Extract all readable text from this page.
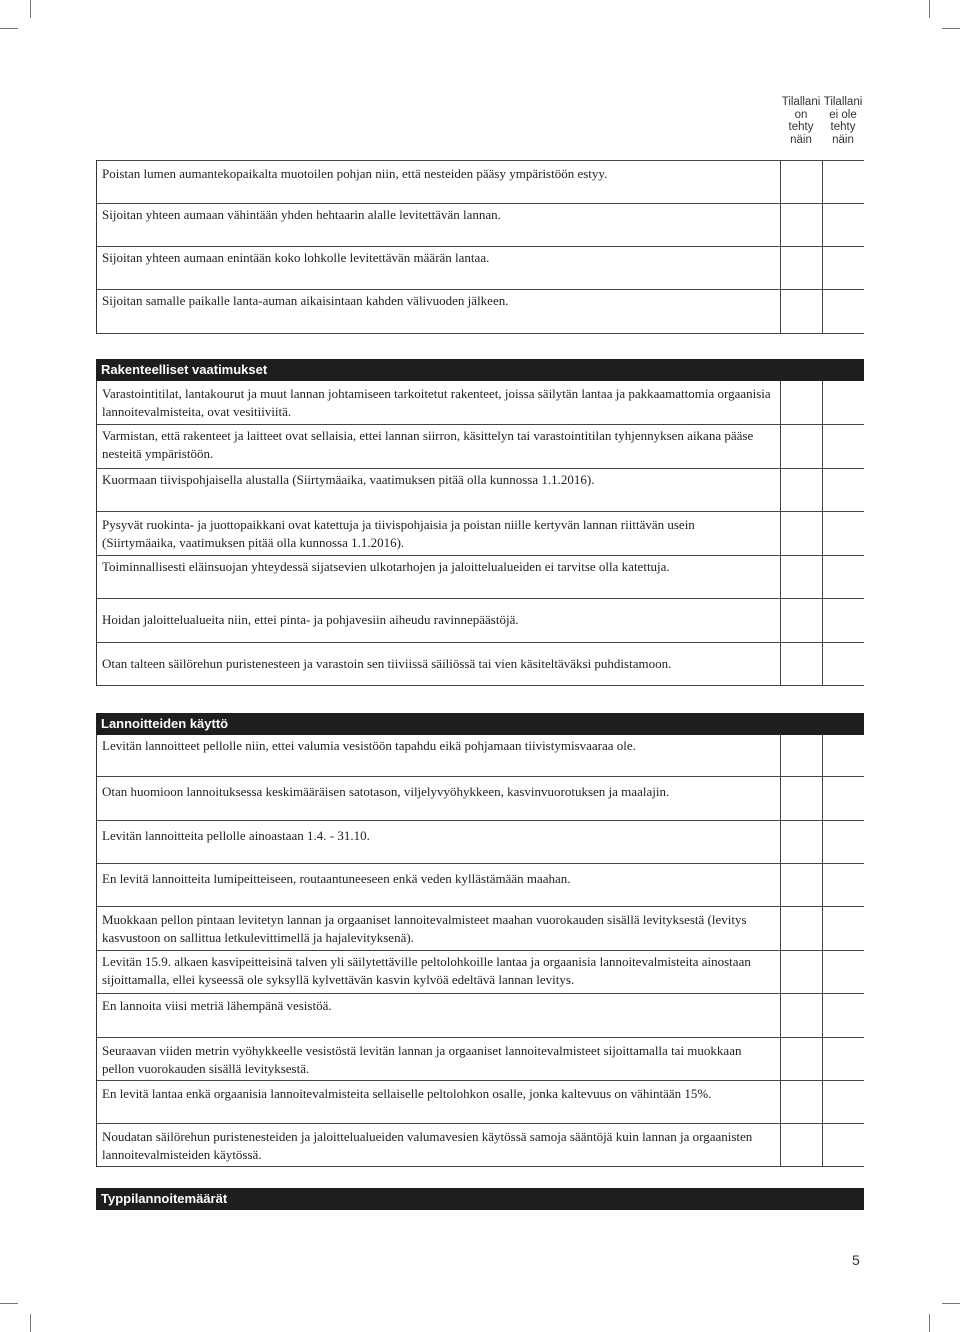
Tilallani
on
tehty
näin
Tilallani
ei ole
tehty
näin
Poistan lumen aumantekopaikalta muotoilen pohjan niin, että nesteiden pääsy ympäristöön estyy.
Sijoitan yhteen aumaan vähintään yhden hehtaarin alalle levitettävän lannan.
Sijoitan yhteen aumaan enintään koko lohkolle levitettävän määrän lantaa.
Sijoitan samalle paikalle lanta-auman aikaisintaan kahden välivuoden jälkeen.
Rakenteelliset vaatimukset
Varastointitilat, lantakourut ja muut lannan johtamiseen tarkoitetut rakenteet, joissa säilytän lantaa ja pakkaamattomia orgaanisia lannoitevalmisteita, ovat vesitiiviitä.
Varmistan, että rakenteet ja laitteet ovat sellaisia, ettei lannan siirron, käsittelyn tai varastointitilan tyhjennyksen aikana pääse nesteitä ympäristöön.
Kuormaan tiivispohjaisella alustalla (Siirtymäaika, vaatimuksen pitää olla kunnossa 1.1.2016).
Pysyvät ruokinta- ja juottopaikkani ovat katettuja ja tiivispohjaisia ja poistan niille kertyvän lannan riittävän usein (Siirtymäaika, vaatimuksen pitää olla kunnossa 1.1.2016).
Toiminnallisesti eläinsuojan yhteydessä sijatsevien ulkotarhojen ja jaloittelualueiden ei tarvitse olla katettuja.
Hoidan jaloittelualueita niin, ettei pinta- ja pohjavesiin aiheudu ravinnepäästöjä.
Otan talteen säilörehun puristenesteen ja varastoin sen tiiviissä säiliössä tai vien käsiteltäväksi puhdistamoon.
Lannoitteiden käyttö
Levitän lannoitteet pellolle niin, ettei valumia vesistöön tapahdu eikä pohjamaan tiivistymisvaaraa ole.
Otan huomioon lannoituksessa keskimääräisen satotason, viljelyvyöhykkeen, kasvinvuorotuksen ja maalajin.
Levitän lannoitteita pellolle ainoastaan 1.4. - 31.10.
En levitä lannoitteita lumipeitteiseen, routaantuneeseen enkä veden kyllästämään maahan.
Muokkaan pellon pintaan levitetyn lannan ja orgaaniset lannoitevalmisteet maahan vuorokauden sisällä levityksestä (levitys kasvustoon on sallittua letkulevittimellä ja hajalevityksenä).
Levitän 15.9. alkaen kasvipeitteisinä talven yli säilytettäville peltolohkoille lantaa ja orgaanisia lannoitevalmisteita ainostaan sijoittamalla, ellei kyseessä ole syksyllä kylvettävän kasvin kylvöä edeltävä lannan levitys.
En lannoita viisi metriä lähempänä vesistöä.
Seuraavan viiden metrin vyöhykkeelle vesistöstä levitän lannan ja orgaaniset lannoitevalmisteet sijoittamalla tai muokkaan pellon vuorokauden sisällä levityksestä.
En levitä lantaa enkä orgaanisia lannoitevalmisteita sellaiselle peltolohkon osalle, jonka kaltevuus on vähintään 15%.
Noudatan säilörehun puristenesteiden ja jaloittelualueiden valumavesien käytössä samoja sääntöjä kuin lannan ja orgaanisten lannoitevalmisteiden käytössä.
Typpilannoitemäärät
5
